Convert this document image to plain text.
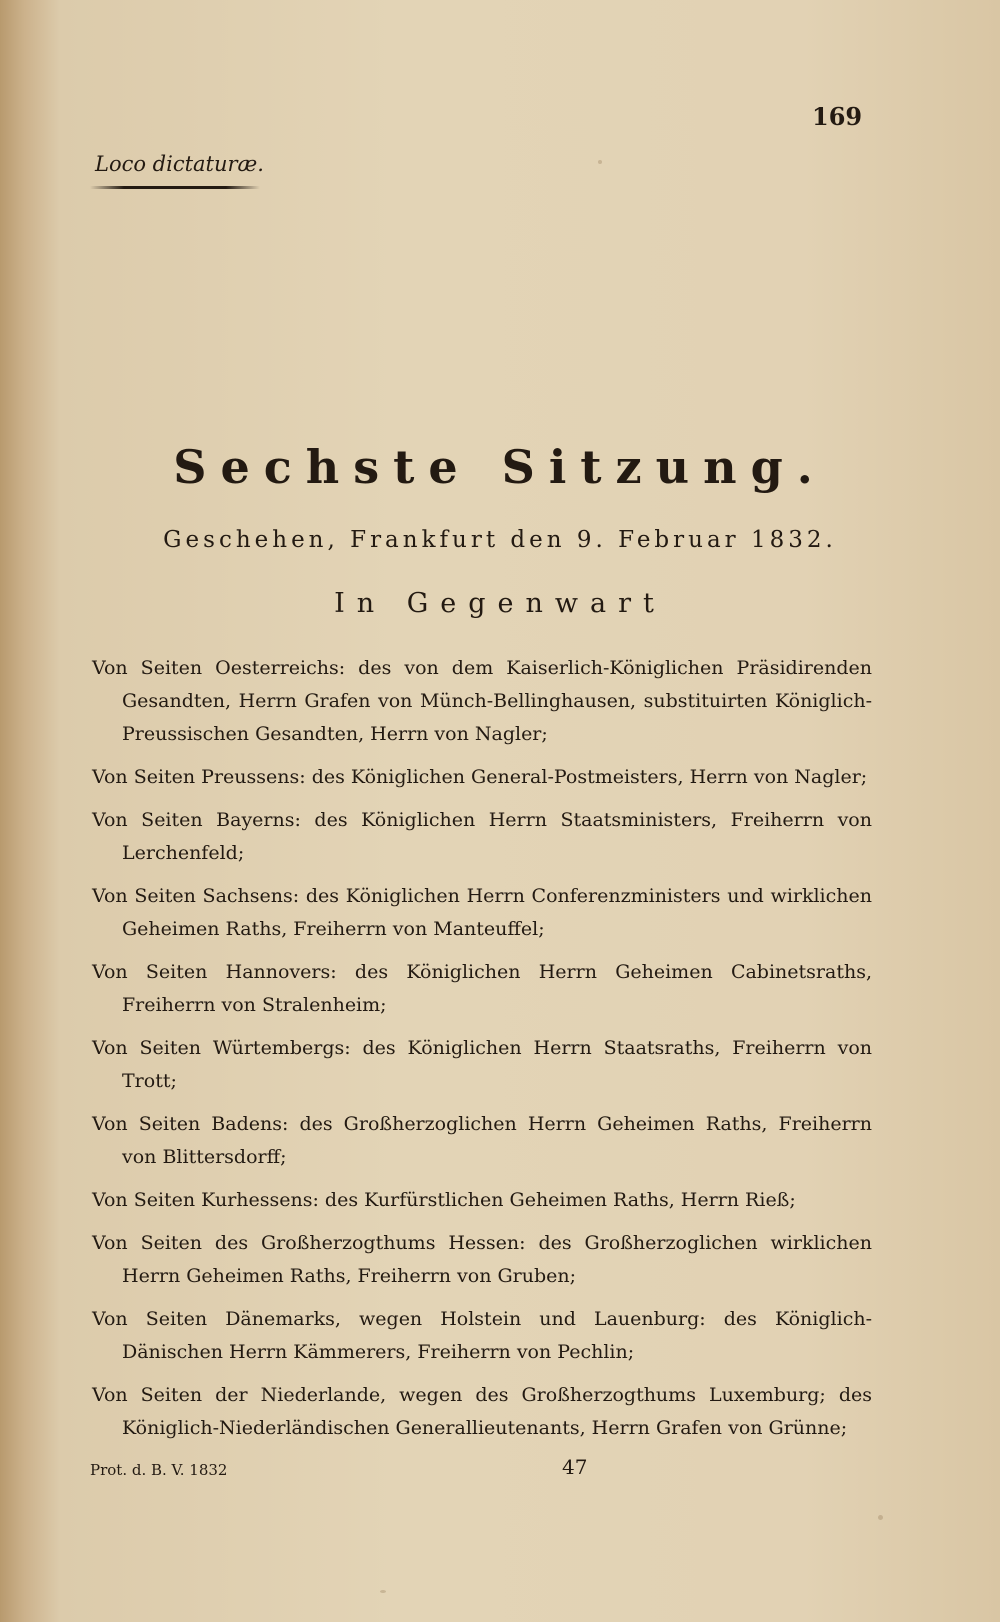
169
Loco dictaturæ.
Sechste Sitzung.
Geschehen, Frankfurt den 9. Februar 1832.
In Gegenwart
Von Seiten Oesterreichs: des von dem Kaiserlich-Königlichen Präsidirenden Gesandten, Herrn Grafen von Münch-Bellinghausen, substituirten Königlich-Preussischen Gesandten, Herrn von Nagler;
Von Seiten Preussens: des Königlichen General-Postmeisters, Herrn von Nagler;
Von Seiten Bayerns: des Königlichen Herrn Staatsministers, Freiherrn von Lerchenfeld;
Von Seiten Sachsens: des Königlichen Herrn Conferenzministers und wirklichen Geheimen Raths, Freiherrn von Manteuffel;
Von Seiten Hannovers: des Königlichen Herrn Geheimen Cabinetsraths, Freiherrn von Stralenheim;
Von Seiten Würtembergs: des Königlichen Herrn Staatsraths, Freiherrn von Trott;
Von Seiten Badens: des Großherzoglichen Herrn Geheimen Raths, Freiherrn von Blittersdorff;
Von Seiten Kurhessens: des Kurfürstlichen Geheimen Raths, Herrn Rieß;
Von Seiten des Großherzogthums Hessen: des Großherzoglichen wirklichen Herrn Geheimen Raths, Freiherrn von Gruben;
Von Seiten Dänemarks, wegen Holstein und Lauenburg: des Königlich-Dänischen Herrn Kämmerers, Freiherrn von Pechlin;
Von Seiten der Niederlande, wegen des Großherzogthums Luxemburg; des Königlich-Niederländischen Generallieutenants, Herrn Grafen von Grünne;
Prot. d. B. V. 1832	47
